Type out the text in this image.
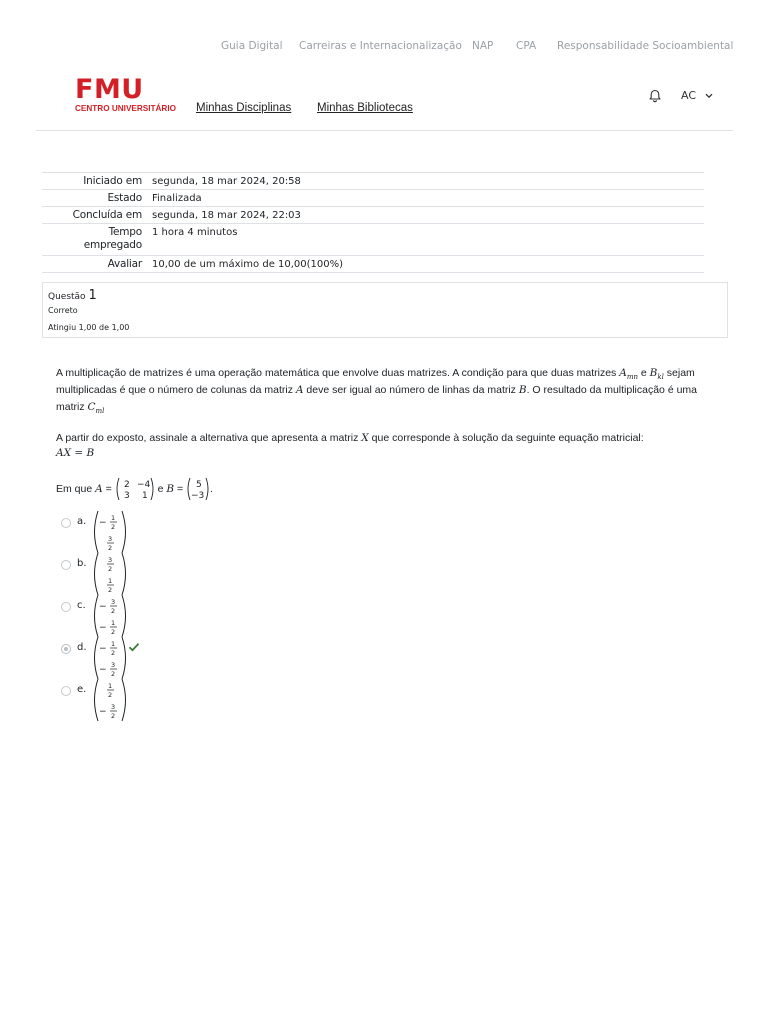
Guia Digital Carreiras e Internacionalização NAP CPA Responsabilidade Socioambiental
FMU
CENTRO UNIVERSITÁRIO Minhas Disciplinas Minhas Bibliotecas
AC
Iniciado em segunda, 18 mar 2024, 20:58
Estado Finalizada
Concluída em segunda, 18 mar 2024, 22:03
Tempo empregado
1 hora 4 minutos
Avaliar 10,00 de um máximo de 10,00(100%)
Questão 1
Correto
Atingiu 1,00 de 1,00
A multiplicação de matrizes é uma operação matemática que envolve duas matrizes. A condição para que duas matrizes $A_{mn}$ e $B_{kl}$ sejam
multiplicadas é que o número de colunas da matriz A deve ser igual ao número de linhas da matriz B. O resultado da multiplicação é uma
matriz $C_{ml}$
A partir do exposto, assinale a alternativa que apresenta a matriz X que corresponde à solução da seguinte equação matricial:
AX = B
Em que A = 2 −4
3 1
e B = 5
−3
.
a. − 1
2
3
2
b.	3
2
1
2
c. − 3
2
− 1
2
d. − 1
2
− 3
2
e.	1
2
− 3
2
